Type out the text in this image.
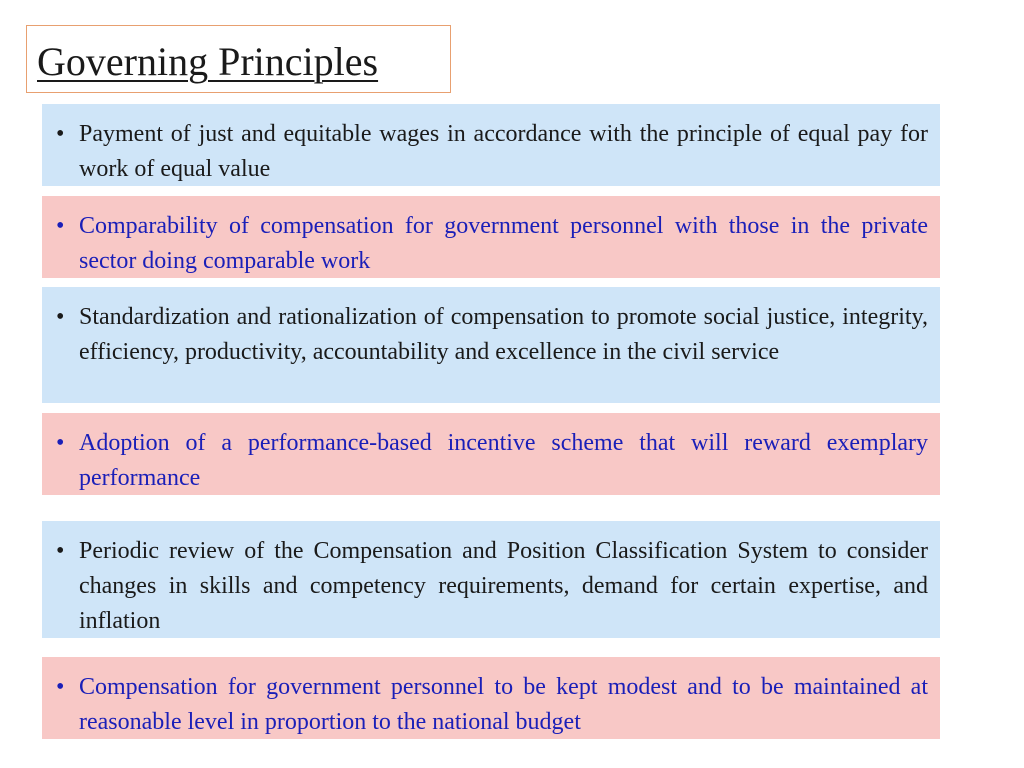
Governing Principles
• Payment of just and equitable wages in accordance with the principle of equal pay for work of equal value
• Comparability of compensation for government personnel with those in the private sector doing comparable work
• Standardization and rationalization of compensation to promote social justice, integrity, efficiency, productivity, accountability and excellence in the civil service
• Adoption of a performance-based incentive scheme that will reward exemplary performance
• Periodic review of the Compensation and Position Classification System to consider changes in skills and competency requirements, demand for certain expertise, and inflation
• Compensation for government personnel to be kept modest and to be maintained at reasonable level in proportion to the national budget
